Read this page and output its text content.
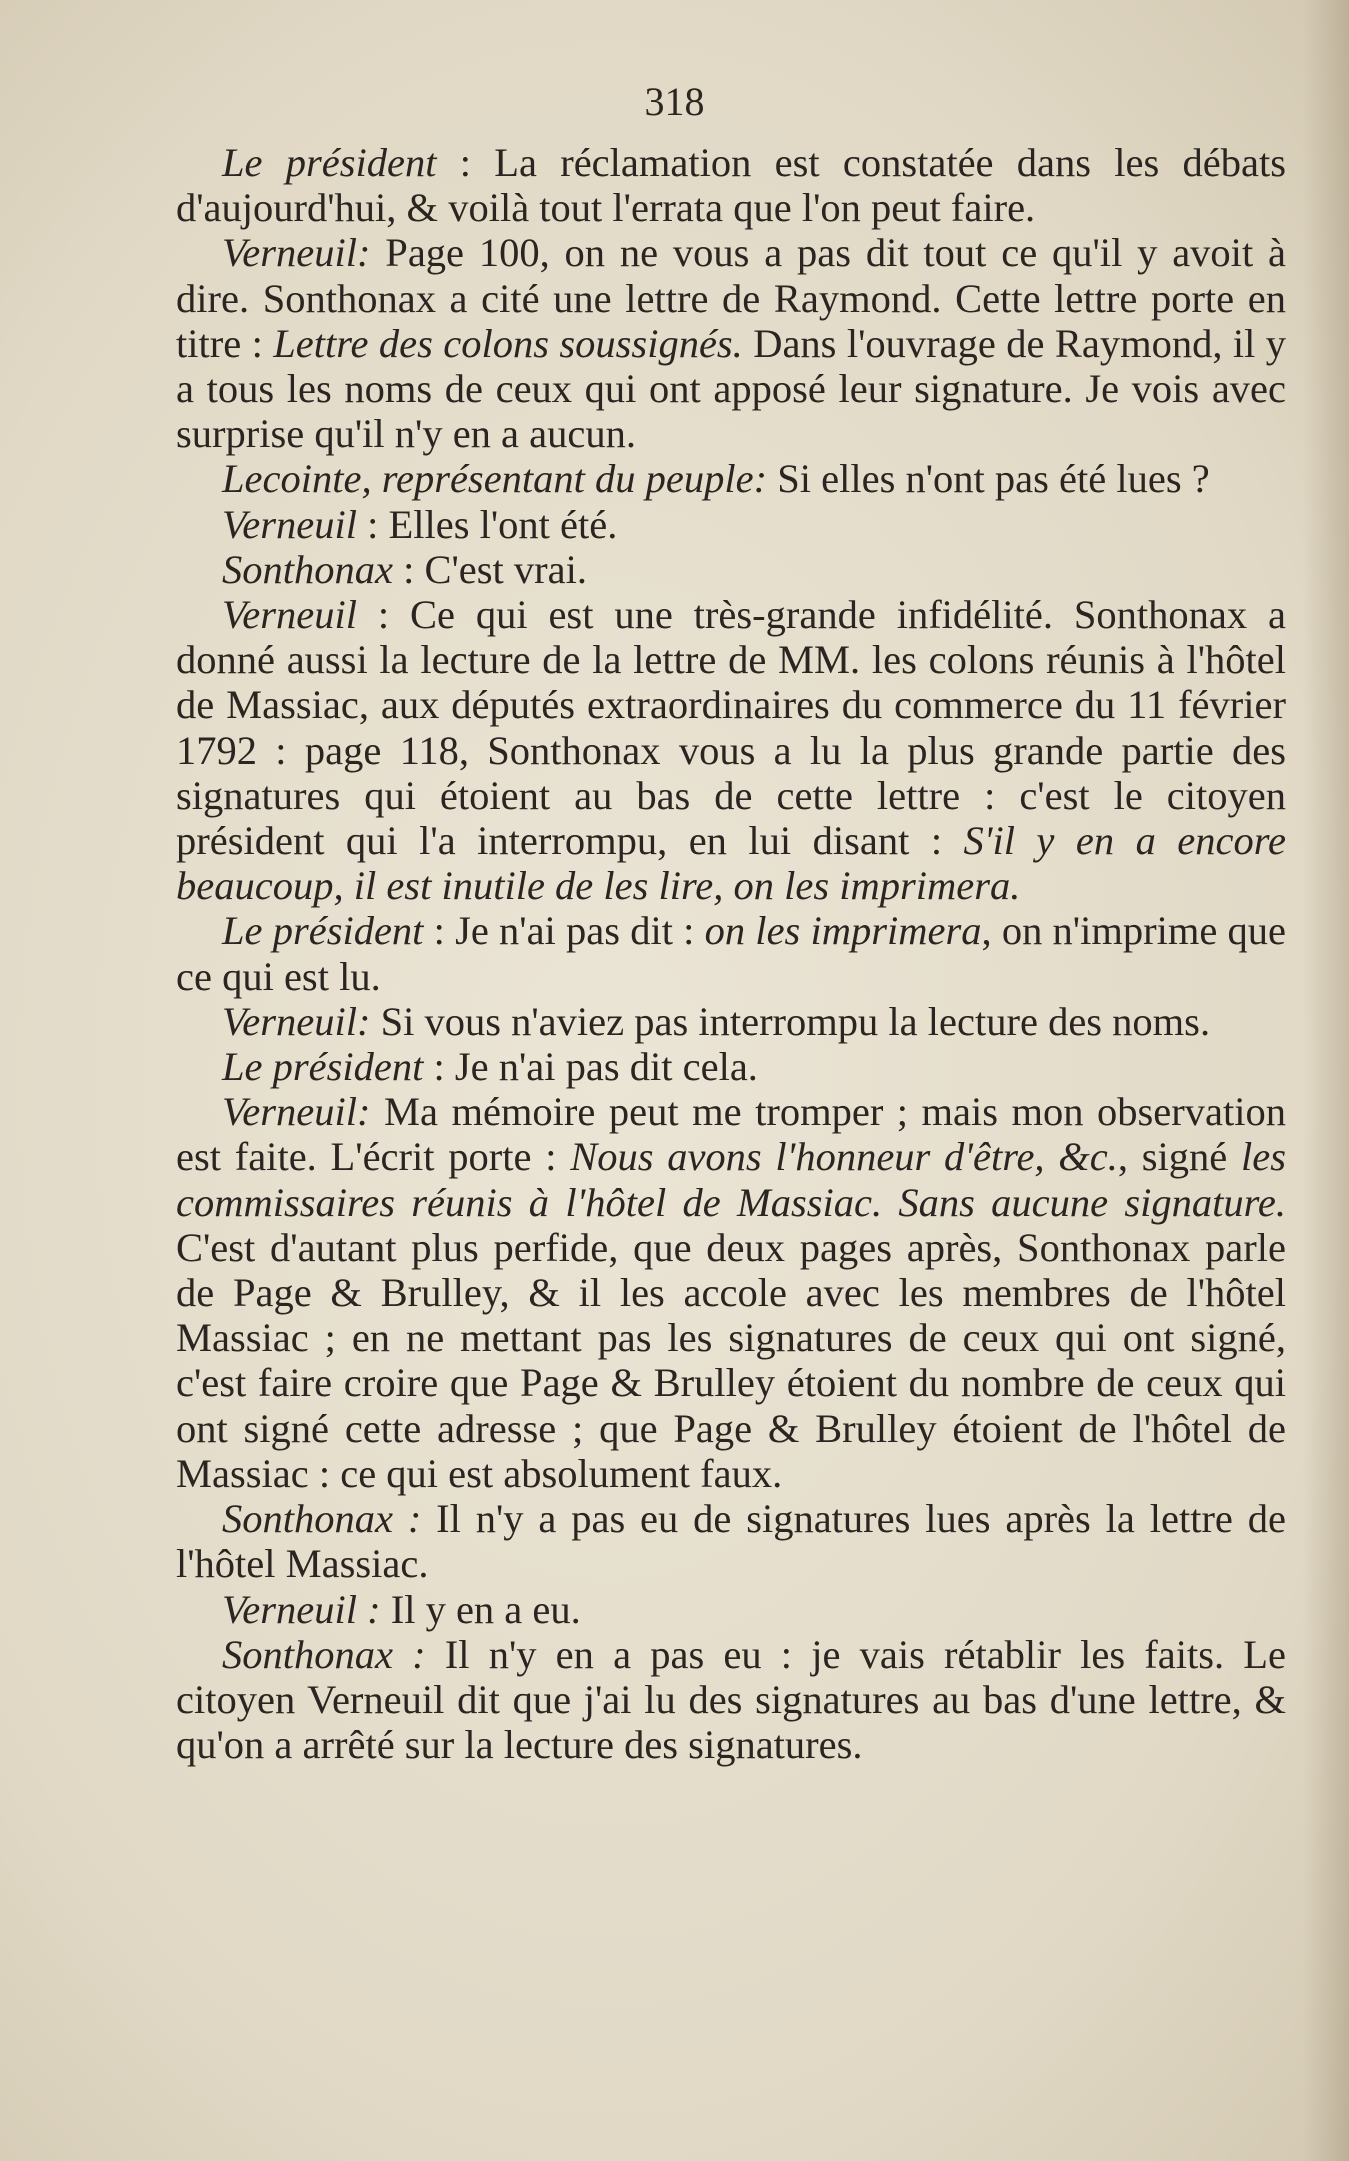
318

Le président : La réclamation est constatée dans les débats d'aujourd'hui, & voilà tout l'errata que l'on peut faire.

Verneuil: Page 100, on ne vous a pas dit tout ce qu'il y avoit à dire. Sonthonax a cité une lettre de Raymond. Cette lettre porte en titre : Lettre des colons soussignés. Dans l'ouvrage de Raymond, il y a tous les noms de ceux qui ont apposé leur signature. Je vois avec surprise qu'il n'y en a aucun.

Lecointe, représentant du peuple: Si elles n'ont pas été lues ?

Verneuil : Elles l'ont été.

Sonthonax : C'est vrai.

Verneuil : Ce qui est une très-grande infidélité. Sonthonax a donné aussi la lecture de la lettre de MM. les colons réunis à l'hôtel de Massiac, aux députés extraordinaires du commerce du 11 février 1792 : page 118, Sonthonax vous a lu la plus grande partie des signatures qui étoient au bas de cette lettre : c'est le citoyen président qui l'a interrompu, en lui disant : S'il y en a encore beaucoup, il est inutile de les lire, on les imprimera.

Le président : Je n'ai pas dit : on les imprimera, on n'imprime que ce qui est lu.

Verneuil: Si vous n'aviez pas interrompu la lecture des noms.

Le président : Je n'ai pas dit cela.

Verneuil: Ma mémoire peut me tromper ; mais mon observation est faite. L'écrit porte : Nous avons l'honneur d'être, &c., signé les commissaires réunis à l'hôtel de Massiac. Sans aucune signature. C'est d'autant plus perfide, que deux pages après, Sonthonax parle de Page & Brulley, & il les accole avec les membres de l'hôtel Massiac ; en ne mettant pas les signatures de ceux qui ont signé, c'est faire croire que Page & Brulley étoient du nombre de ceux qui ont signé cette adresse ; que Page & Brulley étoient de l'hôtel de Massiac : ce qui est absolument faux.

Sonthonax : Il n'y a pas eu de signatures lues après la lettre de l'hôtel Massiac.

Verneuil : Il y en a eu.

Sonthonax : Il n'y en a pas eu : je vais rétablir les faits. Le citoyen Verneuil dit que j'ai lu des signatures au bas d'une lettre, & qu'on a arrêté sur la lecture des signatures.
